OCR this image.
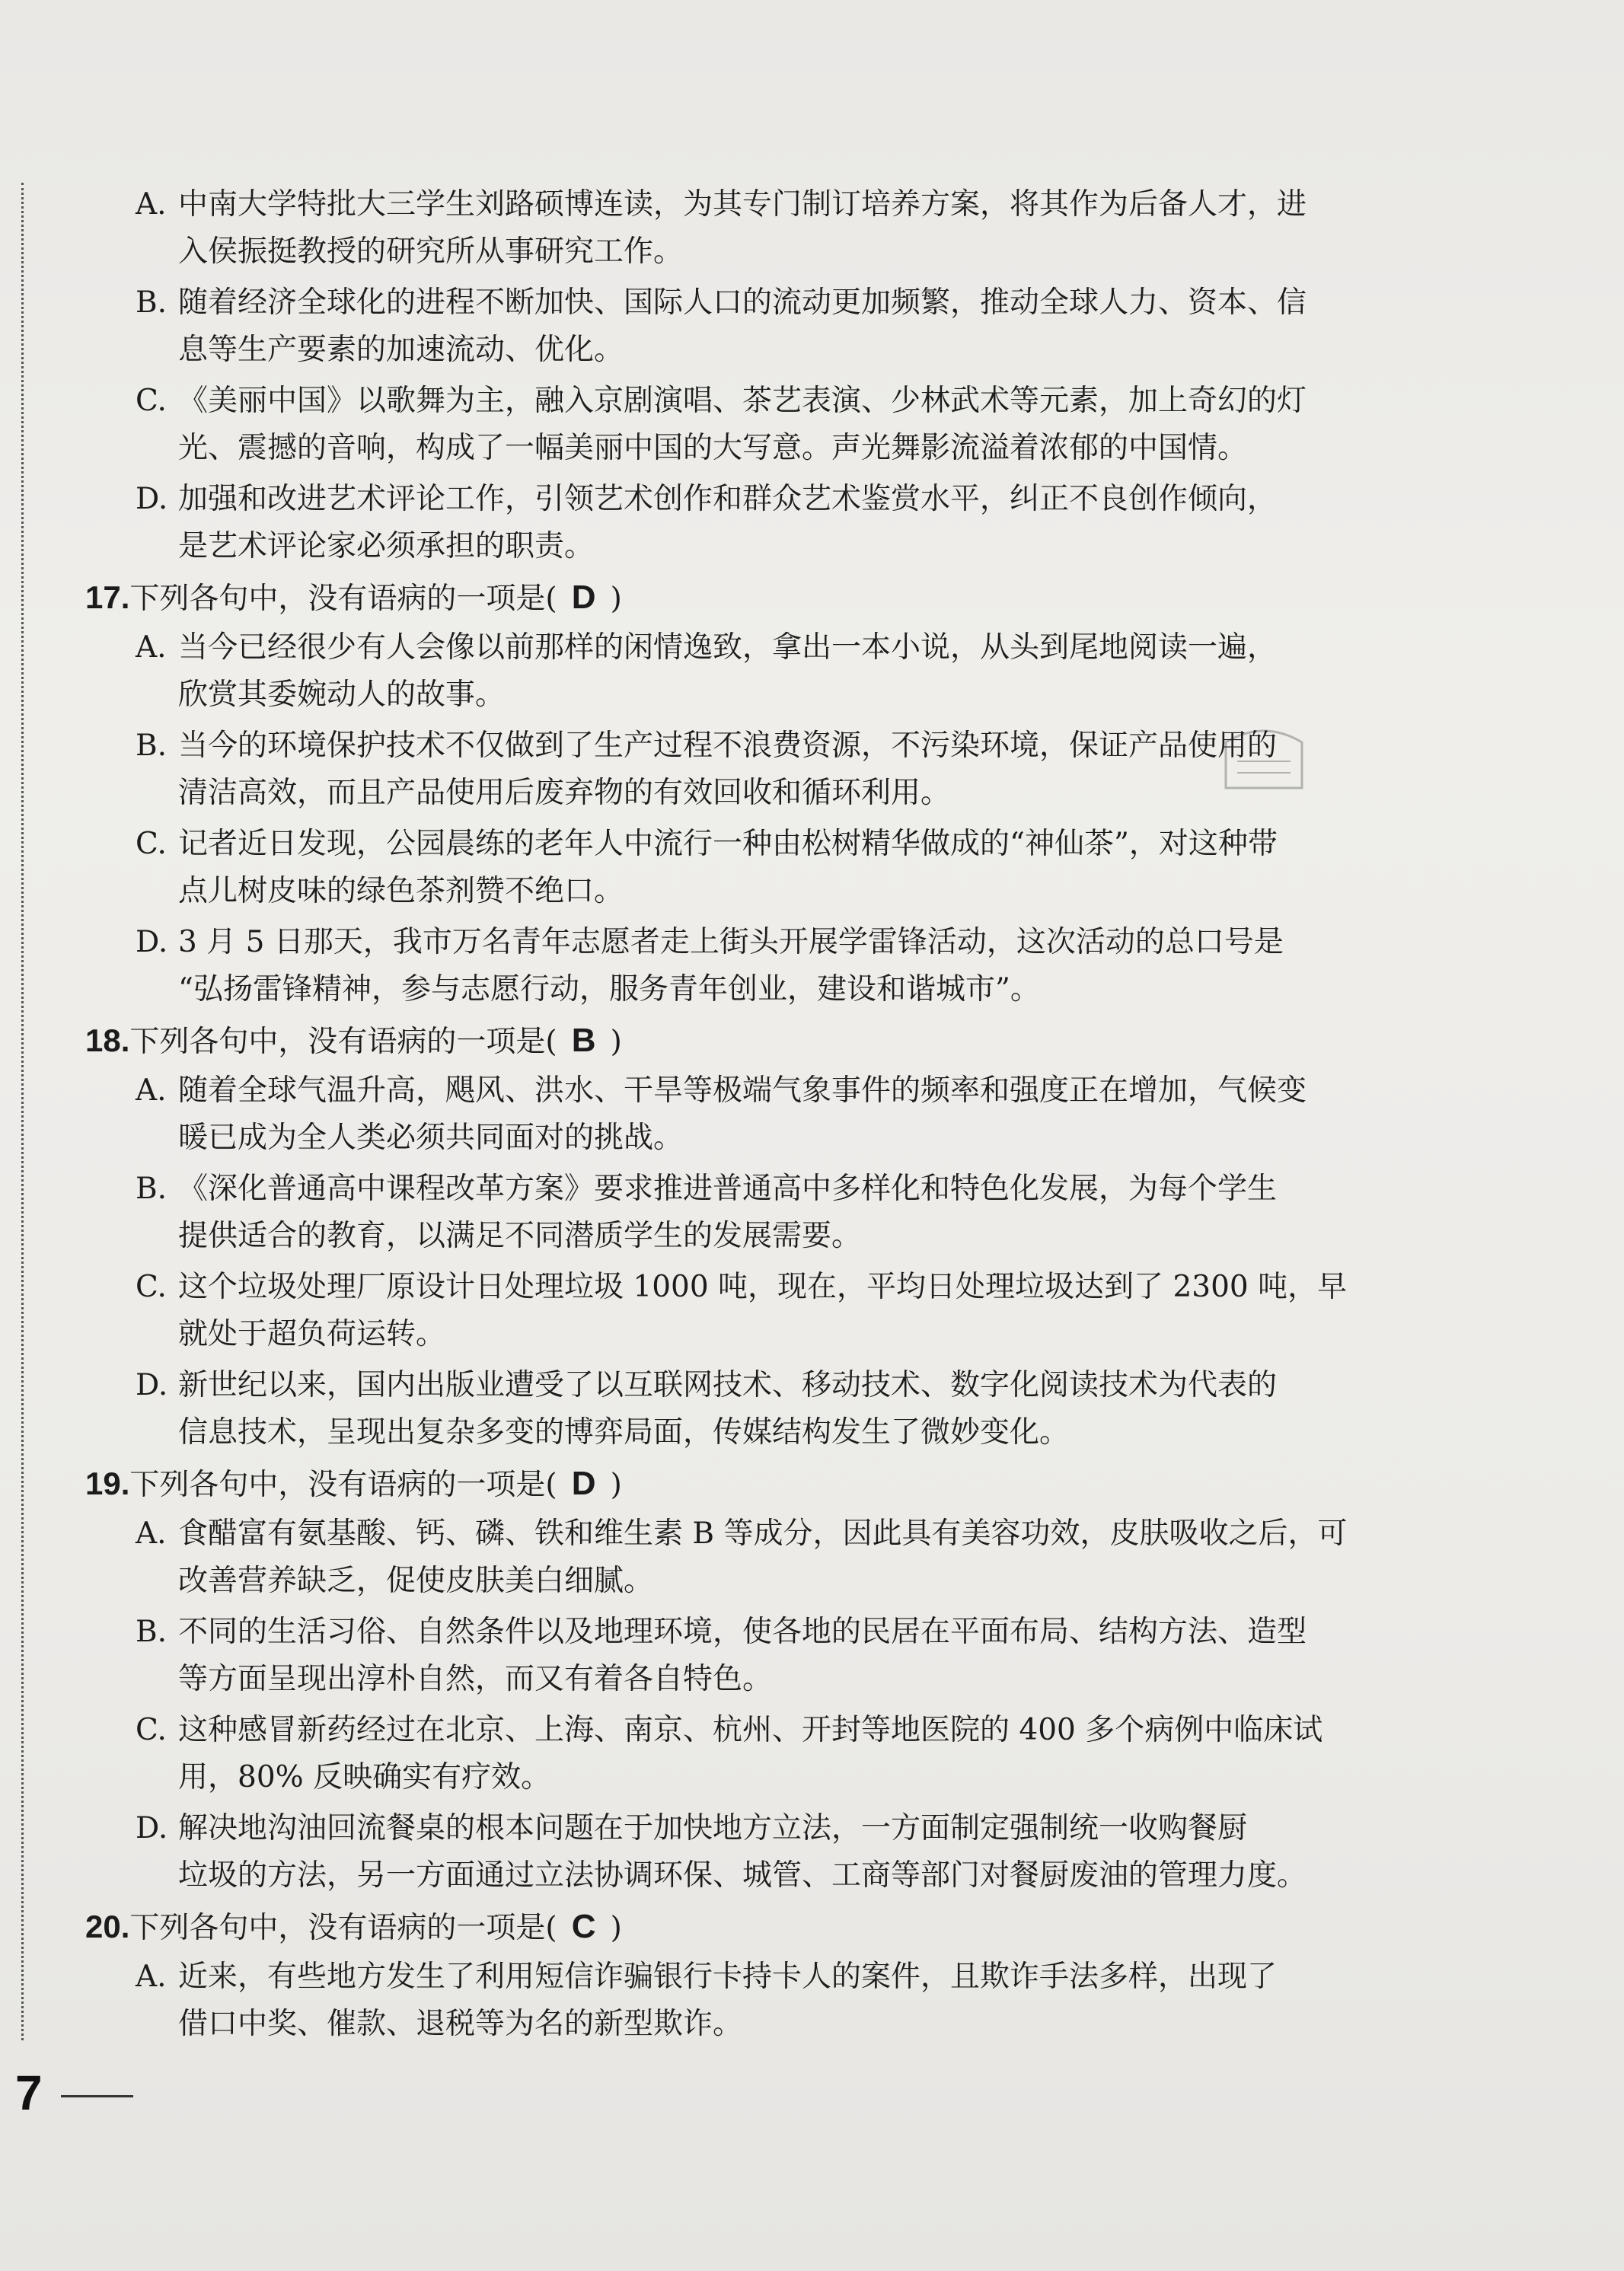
A. 中南大学特批大三学生刘路硕博连读，为其专门制订培养方案，将其作为后备人才，进
入侯振挺教授的研究所从事研究工作。
B. 随着经济全球化的进程不断加快、国际人口的流动更加频繁，推动全球人力、资本、信
息等生产要素的加速流动、优化。
C. 《美丽中国》以歌舞为主，融入京剧演唱、茶艺表演、少林武术等元素，加上奇幻的灯
光、震撼的音响，构成了一幅美丽中国的大写意。声光舞影流溢着浓郁的中国情。
D. 加强和改进艺术评论工作，引领艺术创作和群众艺术鉴赏水平，纠正不良创作倾向，
是艺术评论家必须承担的职责。
17.下列各句中，没有语病的一项是( D )
A. 当今已经很少有人会像以前那样的闲情逸致，拿出一本小说，从头到尾地阅读一遍，
欣赏其委婉动人的故事。
B. 当今的环境保护技术不仅做到了生产过程不浪费资源，不污染环境，保证产品使用的
清洁高效，而且产品使用后废弃物的有效回收和循环利用。
C. 记者近日发现，公园晨练的老年人中流行一种由松树精华做成的“神仙茶”，对这种带
点儿树皮味的绿色茶剂赞不绝口。
D. 3 月 5 日那天，我市万名青年志愿者走上街头开展学雷锋活动，这次活动的总口号是
“弘扬雷锋精神，参与志愿行动，服务青年创业，建设和谐城市”。
18.下列各句中，没有语病的一项是( B )
A. 随着全球气温升高，飓风、洪水、干旱等极端气象事件的频率和强度正在增加，气候变
暖已成为全人类必须共同面对的挑战。
B. 《深化普通高中课程改革方案》要求推进普通高中多样化和特色化发展，为每个学生
提供适合的教育，以满足不同潜质学生的发展需要。
C. 这个垃圾处理厂原设计日处理垃圾 1000 吨，现在，平均日处理垃圾达到了 2300 吨，早
就处于超负荷运转。
D. 新世纪以来，国内出版业遭受了以互联网技术、移动技术、数字化阅读技术为代表的
信息技术，呈现出复杂多变的博弈局面，传媒结构发生了微妙变化。
19.下列各句中，没有语病的一项是( D )
A. 食醋富有氨基酸、钙、磷、铁和维生素 B 等成分，因此具有美容功效，皮肤吸收之后，可
改善营养缺乏，促使皮肤美白细腻。
B. 不同的生活习俗、自然条件以及地理环境，使各地的民居在平面布局、结构方法、造型
等方面呈现出淳朴自然，而又有着各自特色。
C. 这种感冒新药经过在北京、上海、南京、杭州、开封等地医院的 400 多个病例中临床试
用，80% 反映确实有疗效。
D. 解决地沟油回流餐桌的根本问题在于加快地方立法，一方面制定强制统一收购餐厨
垃圾的方法，另一方面通过立法协调环保、城管、工商等部门对餐厨废油的管理力度。
20.下列各句中，没有语病的一项是( C )
A. 近来，有些地方发生了利用短信诈骗银行卡持卡人的案件，且欺诈手法多样，出现了
借口中奖、催款、退税等为名的新型欺诈。
7
